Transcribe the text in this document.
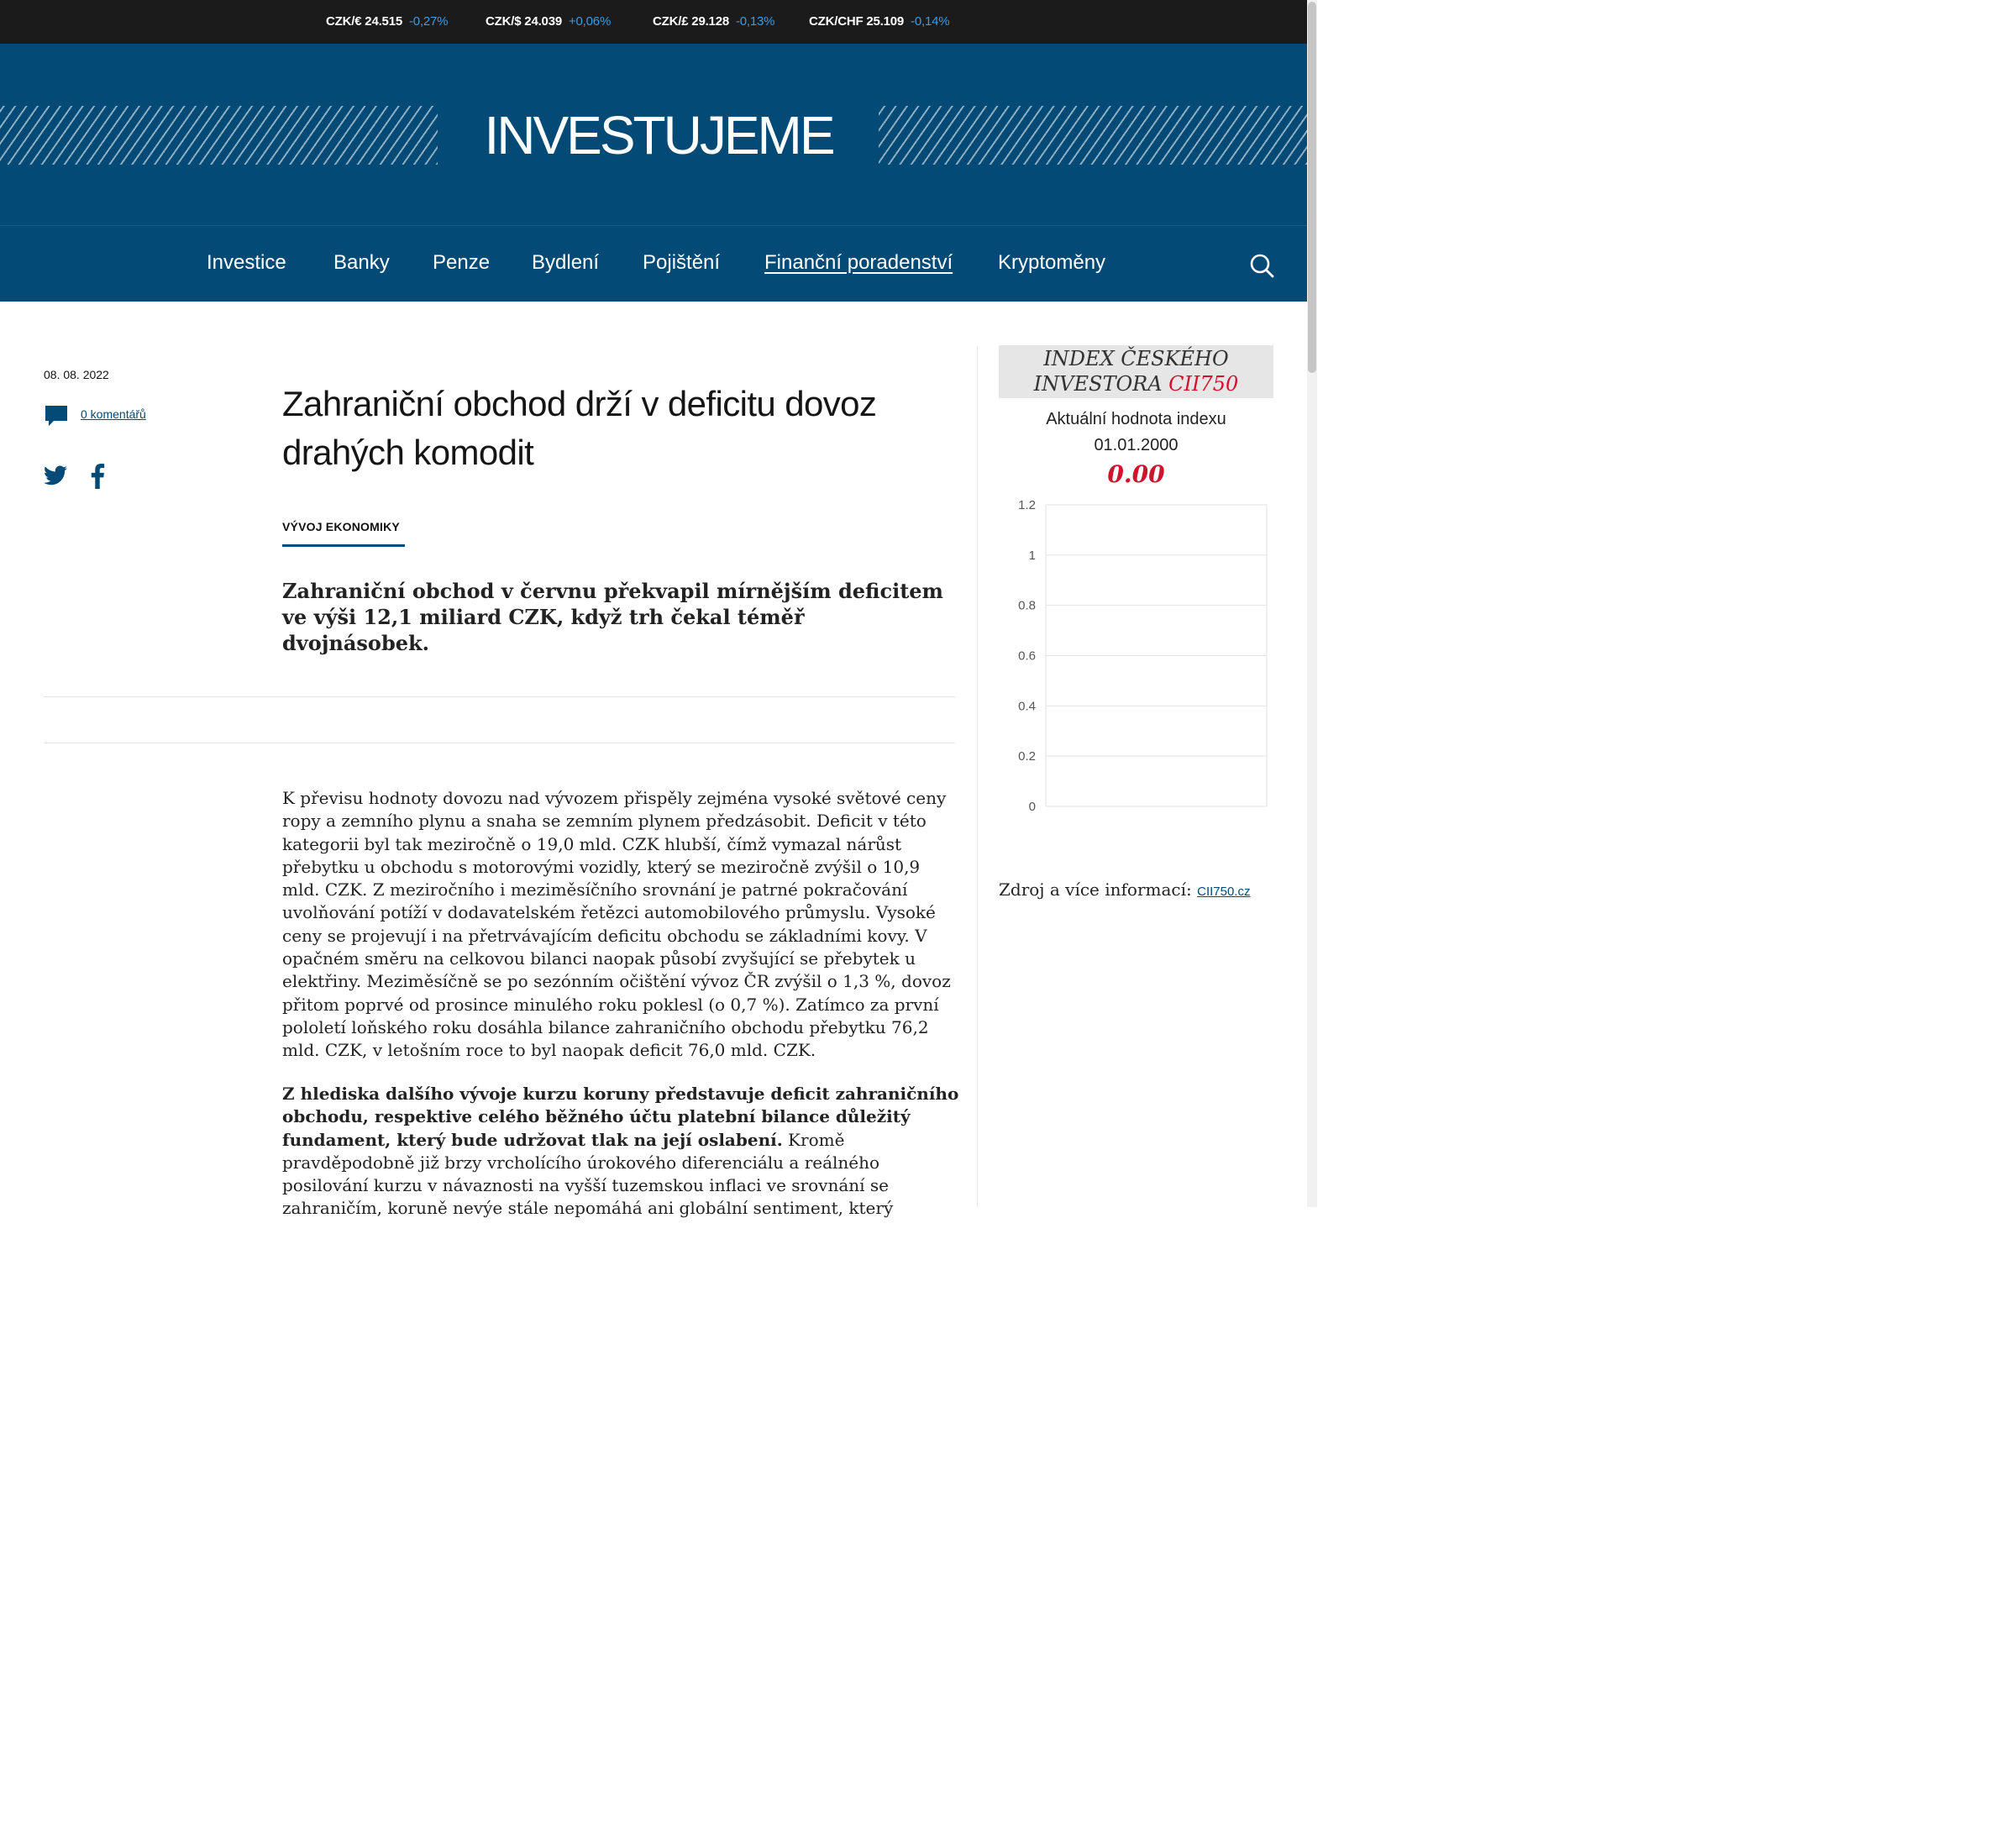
CZK/€ 24.515 -0,27%	CZK/$ 24.039 +0,06%	CZK/£ 29.128 -0,13%	CZK/CHF 25.109 -0,14%
INVESTUJEME
Investice Banky Penze Bydlení Pojištění Finanční poradenství Kryptoměny
08. 08. 2022
0 komentářů	Zahraniční obchod drží v deficitu dovoz drahých komodit
VÝVOJ EKONOMIKY

Zahraniční obchod v červnu překvapil mírnějším deficitem ve výši 12,1 miliard CZK, když trh čekal téměř dvojnásobek.

K převisu hodnoty dovozu nad vývozem přispěly zejména vysoké světové ceny ropy a zemního plynu a snaha se zemním plynem předzásobit. Deficit v této kategorii byl tak meziročně o 19,0 mld. CZK hlubší, čímž vymazal nárůst přebytku u obchodu s motorovými vozidly, který se meziročně zvýšil o 10,9 mld. CZK. Z meziročního i meziměsíčního srovnání je patrné pokračování uvolňování potíží v dodavatelském řetězci automobilového průmyslu. Vysoké ceny se projevují i na přetrvávajícím deficitu obchodu se základními kovy. V opačném směru na celkovou bilanci naopak působí zvyšující se přebytek u elektřiny. Meziměsíčně se po sezónním očištění vývoz ČR zvýšil o 1,3 %, dovoz přitom poprvé od prosince minulého roku poklesl (o 0,7 %). Zatímco za první pololetí loňského roku dosáhla bilance zahraničního obchodu přebytku 76,2 mld. CZK, v letošním roce to byl naopak deficit 76,0 mld. CZK.

Z hlediska dalšího vývoje kurzu koruny představuje deficit zahraničního obchodu, respektive celého běžného účtu platební bilance důležitý fundament, který bude udržovat tlak na její oslabení. Kromě pravděpodobně již brzy vrcholícího úrokového diferenciálu a reálného posilování kurzu v návaznosti na vyšší tuzemskou inflaci ve srovnání se zahraničím, koruně nevýe stále nepomáhá ani globální sentiment, který

INDEX ČESKÉHO
INVESTORA CII750
Aktuální hodnota indexu
01.01.2000
0.00
1.2
1
0.8
0.6
0.4
0.2
0
Zdroj a více informací: CII750.cz
